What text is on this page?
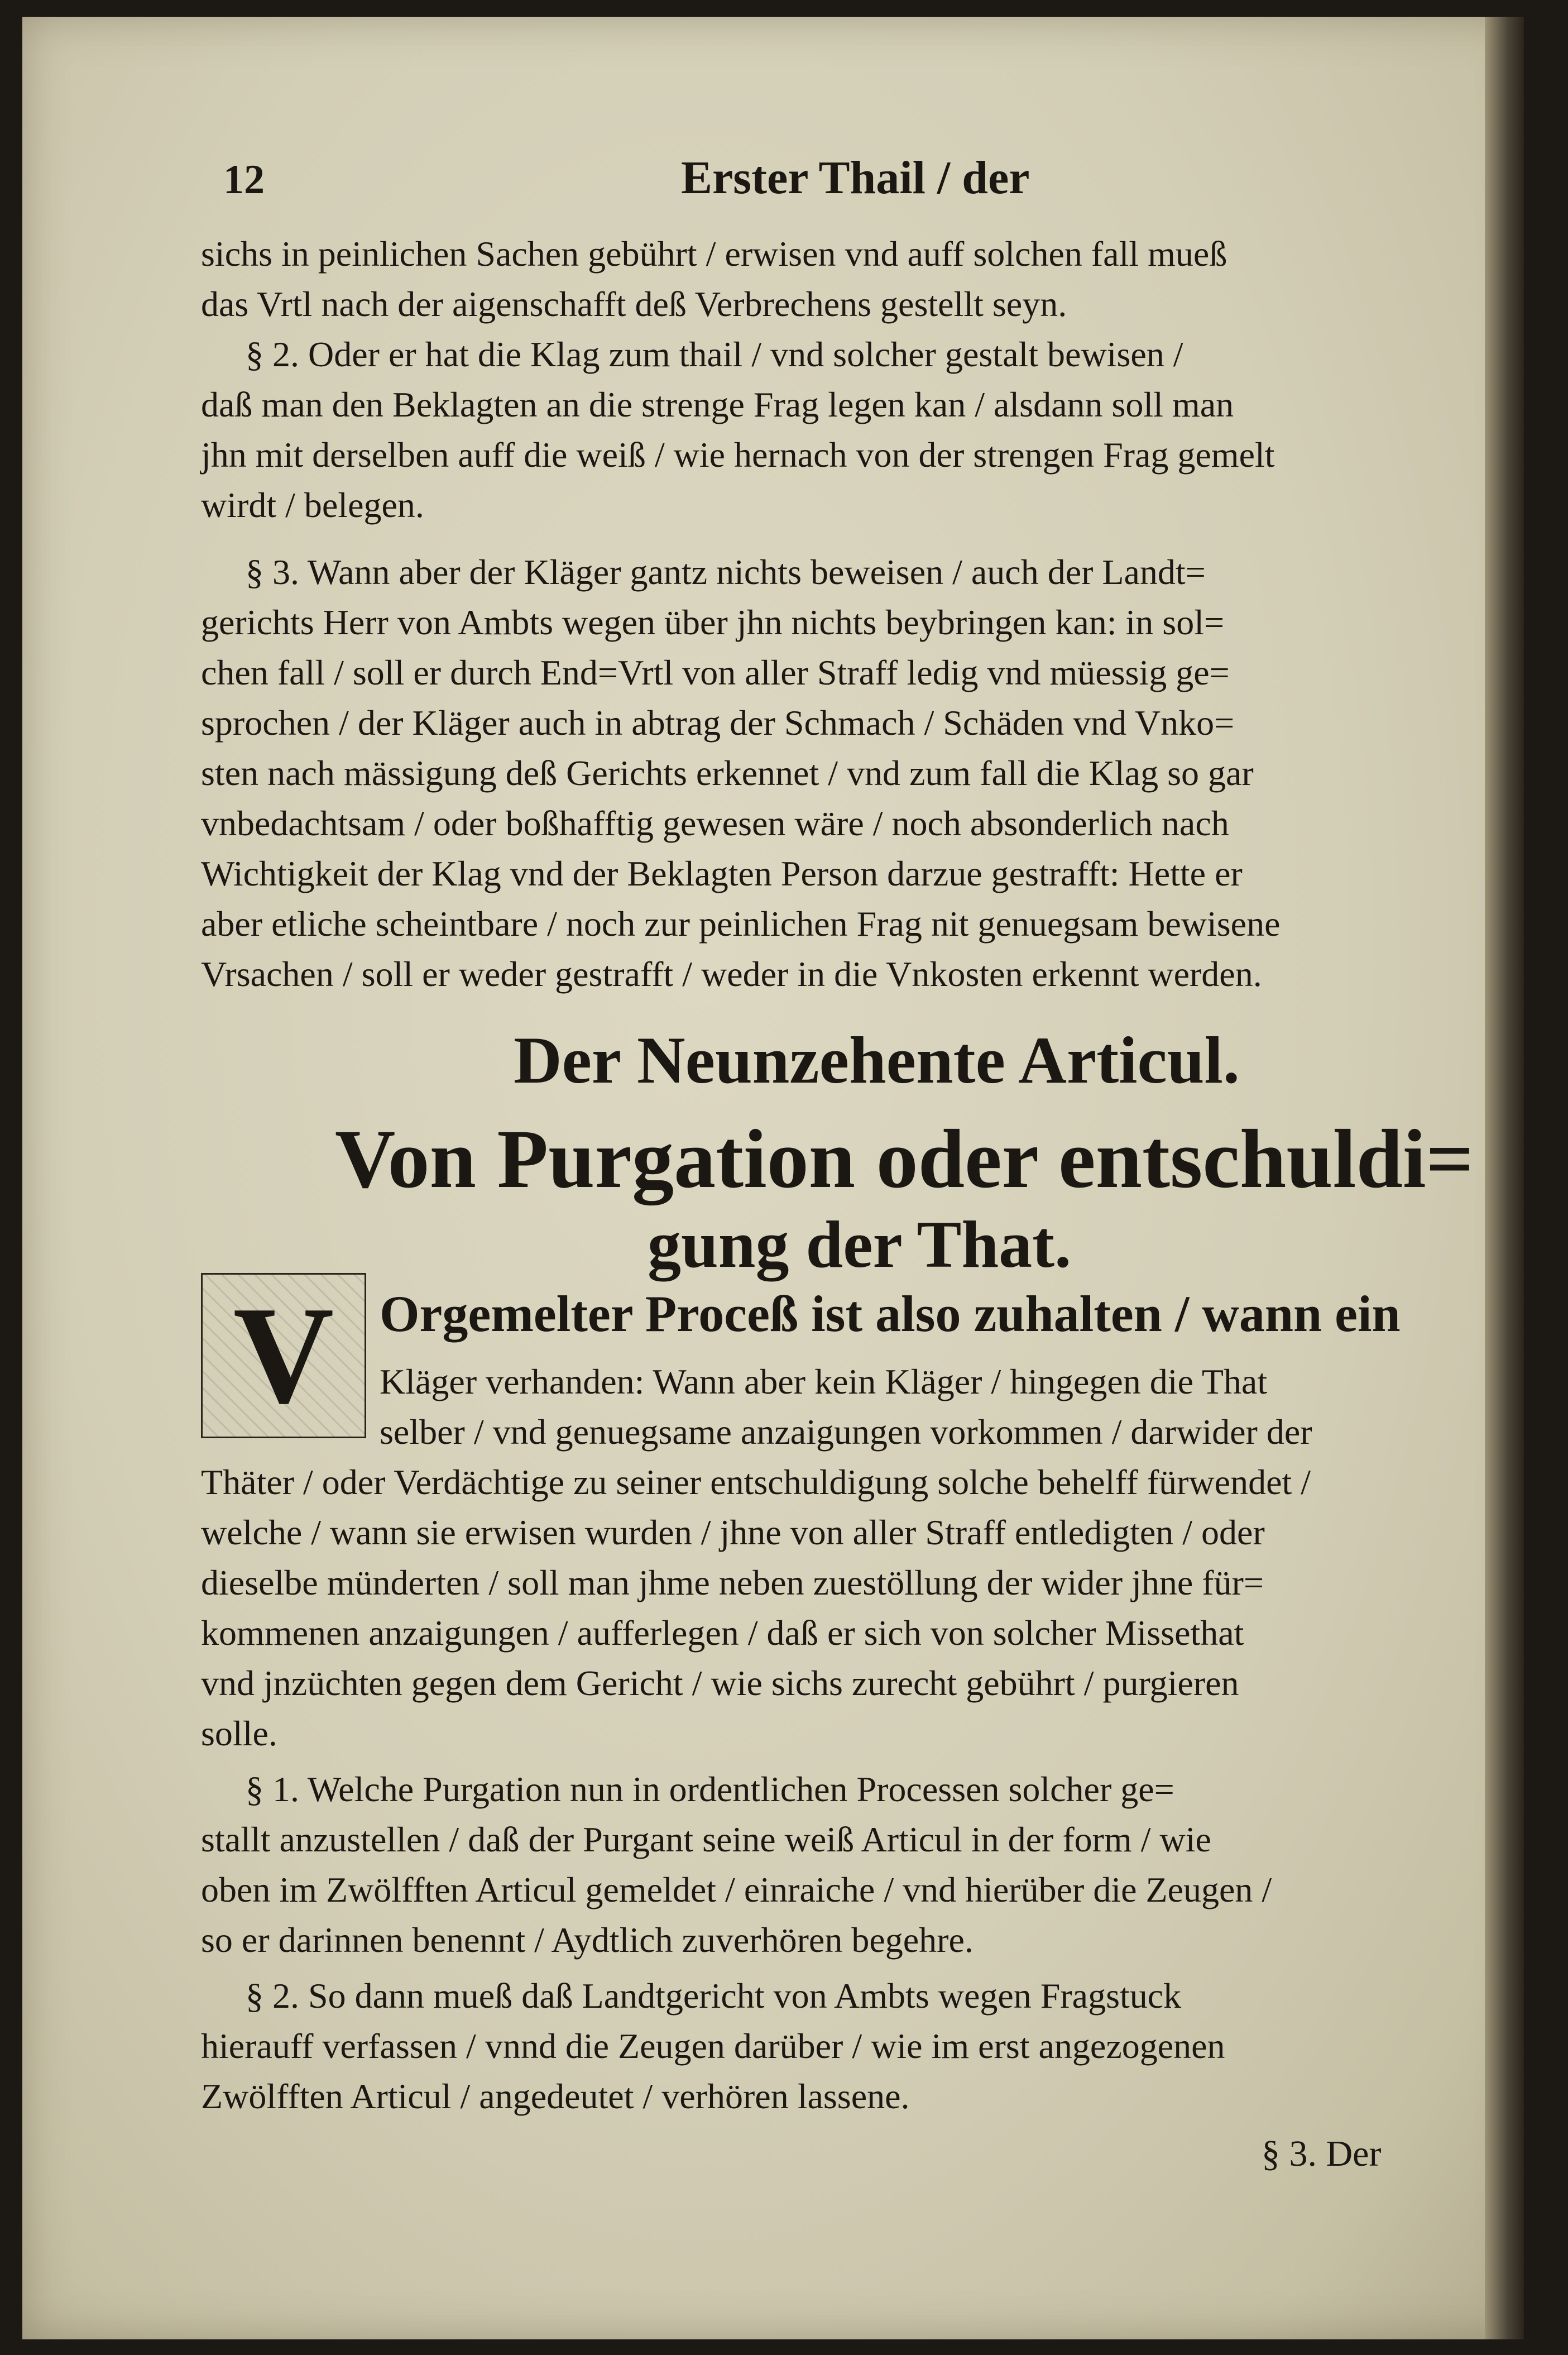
12	Erster Thail / der
sichs in peinlichen Sachen gebührt / erwisen vnd auff solchen fall mueß
das Vrtl nach der aigenschafft deß Verbrechens gestellt seyn.
§ 2. Oder er hat die Klag zum thail / vnd solcher gestalt bewisen /
daß man den Beklagten an die strenge Frag legen kan / alsdann soll man
jhn mit derselben auff die weiß / wie hernach von der strengen Frag gemelt
wirdt / belegen.
§ 3. Wann aber der Kläger gantz nichts beweisen / auch der Landt=
gerichts Herr von Ambts wegen über jhn nichts beybringen kan: in sol=
chen fall / soll er durch End=Vrtl von aller Straff ledig vnd müessig ge=
sprochen / der Kläger auch in abtrag der Schmach / Schäden vnd Vnko=
sten nach mässigung deß Gerichts erkennet / vnd zum fall die Klag so gar
vnbedachtsam / oder boßhafftig gewesen wäre / noch absonderlich nach
Wichtigkeit der Klag vnd der Beklagten Person darzue gestrafft: Hette er
aber etliche scheintbare / noch zur peinlichen Frag nit genuegsam bewisene
Vrsachen / soll er weder gestrafft / weder in die Vnkosten erkennt werden.
Der Neunzehente Articul.
Von Purgation oder entschuldi=
gung der That.
V Orgemelter Proceß ist also zuhalten / wann ein
Kläger verhanden: Wann aber kein Kläger / hingegen die That
selber / vnd genuegsame anzaigungen vorkommen / darwider der
Thäter / oder Verdächtige zu seiner entschuldigung solche behelff fürwendet /
welche / wann sie erwisen wurden / jhne von aller Straff entledigten / oder
dieselbe münderten / soll man jhme neben zuestöllung der wider jhne für=
kommenen anzaigungen / aufferlegen / daß er sich von solcher Missethat
vnd jnzüchten gegen dem Gericht / wie sichs zurecht gebührt / purgieren
solle.
§ 1. Welche Purgation nun in ordentlichen Processen solcher ge=
stallt anzustellen / daß der Purgant seine weiß Articul in der form / wie
oben im Zwölfften Articul gemeldet / einraiche / vnd hierüber die Zeugen /
so er darinnen benennt / Aydtlich zuverhören begehre.
§ 2. So dann mueß daß Landtgericht von Ambts wegen Fragstuck
hierauff verfassen / vnnd die Zeugen darüber / wie im erst angezogenen
Zwölfften Articul / angedeutet / verhören lassene.
§ 3. Der
